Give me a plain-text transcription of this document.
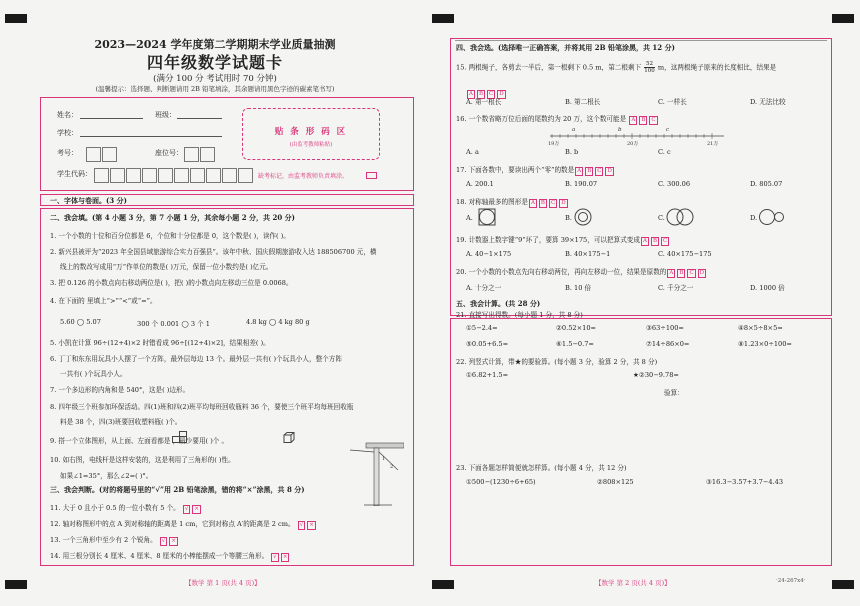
2023—2024 学年度第二学期期末学业质量抽测
四年级数学试题卡
(满分 100 分 考试用时 70 分钟)
(温馨提示：选择题、判断题请用 2B 铅笔填涂，其余题请用黑色字迹的碳素笔书写)
姓名：	班级：
学校：
考号：	座位号：
学生代码：
贴 条 形 码 区
(由监考教师粘贴)
缺考标记，由监考教师负责填涂。
一、字体与卷面。(3 分)
二、我会填。(第 4 小题 3 分，第 7 小题 1 分，其余每小题 2 分，共 20 分)
1. 一个小数的十位和百分位都是 6，个位和十分位都是 0，这个数是( )，读作( )。
2. 新兴县被评为“2023 年全国县域旅游综合实力百强县”。该年中秋、国庆假期旅游收入达 188506700 元，横
线上的数改写成用“万”作单位的数是( )万元，保留一位小数约是( )亿元。
3. 把 0.126 的小数点向右移动两位是( )，把( )的小数点向左移动三位是 0.0068。
4. 在下面的 里填上“>”“<”或“=”。
5.60 ◯ 5.07	300 个 0.001 ◯ 3 个 1	4.8 kg ◯ 4 kg 80 g
5. 小凯在计算 96÷(12+4)×2 时错看成 96÷[(12+4)×2]，结果相差( )。
6. 丁丁和东东用玩具小人摆了一个方阵，最外层每边 13 个。最外层一共有( )个玩具小人，整个方阵
一共有( )个玩具小人。
7. 一个多边形的内角和是 540°，这是( )边形。
8. 四年级三个班参加环保活动。四(1)班和四(2)班平均每班回收瓶料 36 个，要使三个班平均每班回收瓶
料是 38 个，四(3)班要回收塑料瓶( )个。
9. 搭一个立体图形，从上面、左面看都是 ，最少要用( )个 。
10. 如右图，电线杆是这样安装的，这是利用了三角形的( )性。
如果∠1=35°，那么∠2=( )°。
1
2
三、我会判断。(对的将题号里的“√”用 2B 铅笔涂黑，错的将“×”涂黑，共 8 分)
11. 大于 0 且小于 0.5 的一位小数有 5 个。 √ ×
12. 轴对称图形中的点 A 到对称轴的距离是 1 cm，它到对称点 A′的距离是 2 cm。 √ ×
13. 一个三角形中至少有 2 个锐角。 √ ×
14. 用三根分别长 4 厘米、4 厘米、8 厘米的小棒能摆成一个等腰三角形。 √ ×
【数学 第 1 页(共 4 页)】
四、我会选。(选择唯一正确答案，并将其用 2B 铅笔涂黑，共 12 分)
15. 两根绳子，各剪去一半后，第一根剩下 0.5 m，第二根剩下 $\frac{52}{100}$ m，这两根绳子原来的长度相比，结果是
A B C D
A. 第一根长	B. 第二根长	C. 一样长	D. 无法比较
16. 一个数省略万位后面的尾数约为 20 万，这个数可能是 A B C
a	b	c
19万	20万	21万
A. a	B. b	C. c
17. 下面各数中，要读出两个“零”的数是 A B C D
A. 200.1	B. 190.07	C. 300.06	D. 805.07
18. 对称轴最多的图形是 A B C D
A.	B.	C.	D.
19. 计数器上数字键“9”坏了，要算 39×175，可以把算式变成 A B C
A. 40−1×175	B. 40×175−1	C. 40×175−175
20. 一个小数的小数点先向右移动两位，再向左移动一位，结果是原数的 A B C D
A. 十分之一	B. 10 倍	C. 千分之一	D. 1000 倍
五、我会计算。(共 28 分)
21. 直接写出得数。(每小题 1 分，共 8 分)
①5−2.4=	②0.52×10=	③63÷100=	④8×5÷8×5=
⑤0.05+6.5=	⑥1.5−0.7=	⑦14÷86×0=	⑧1.23×0÷100=
22. 列竖式计算，带★的要验算。(每小题 3 分，验算 2 分，共 8 分)
①6.82+1.5=	★②30−9.78=
验算：
23. 下面各题怎样简便就怎样算。(每小题 4 分，共 12 分)
①500−(1230÷6+65)	②808×125	③16.3−3.57+3.7−4.43
【数学 第 2 页(共 4 页)】	·24-267x4·
